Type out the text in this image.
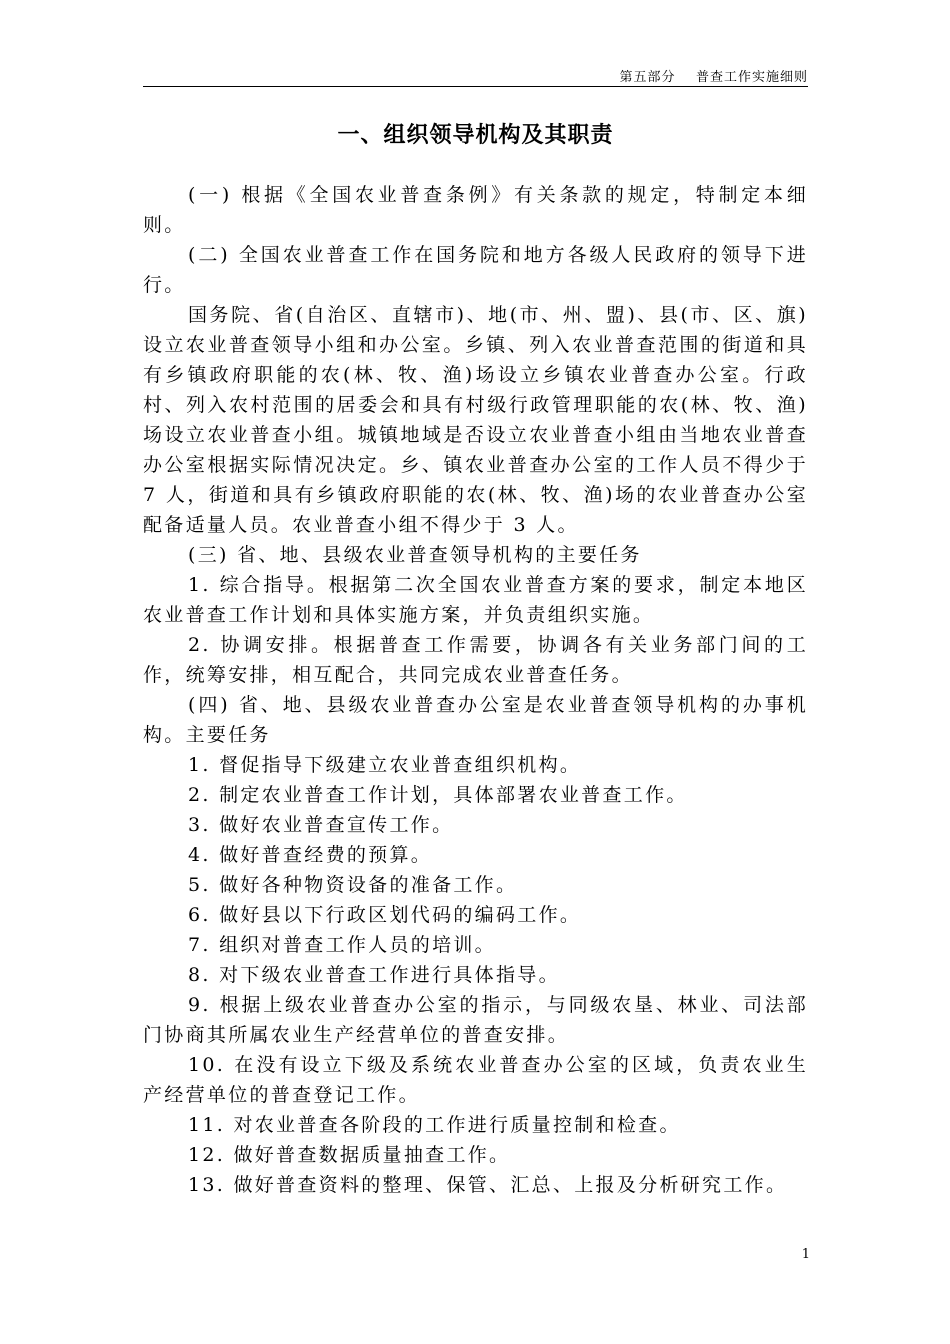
第五部分    普查工作实施细则
一、组织领导机构及其职责

(一) 根据《全国农业普查条例》有关条款的规定，特制定本细则。

(二) 全国农业普查工作在国务院和地方各级人民政府的领导下进行。

国务院、省(自治区、直辖市)、地(市、州、盟)、县(市、区、旗)设立农业普查领导小组和办公室。乡镇、列入农业普查范围的街道和具有乡镇政府职能的农(林、牧、渔)场设立乡镇农业普查办公室。行政村、列入农村范围的居委会和具有村级行政管理职能的农(林、牧、渔)场设立农业普查小组。城镇地域是否设立农业普查小组由当地农业普查办公室根据实际情况决定。乡、镇农业普查办公室的工作人员不得少于 7 人，街道和具有乡镇政府职能的农(林、牧、渔)场的农业普查办公室配备适量人员。农业普查小组不得少于 3 人。

(三) 省、地、县级农业普查领导机构的主要任务

1. 综合指导。根据第二次全国农业普查方案的要求，制定本地区农业普查工作计划和具体实施方案，并负责组织实施。

2. 协调安排。根据普查工作需要，协调各有关业务部门间的工作，统筹安排，相互配合，共同完成农业普查任务。

(四) 省、地、县级农业普查办公室是农业普查领导机构的办事机构。主要任务

1. 督促指导下级建立农业普查组织机构。

2. 制定农业普查工作计划，具体部署农业普查工作。

3. 做好农业普查宣传工作。

4. 做好普查经费的预算。

5. 做好各种物资设备的准备工作。

6. 做好县以下行政区划代码的编码工作。

7. 组织对普查工作人员的培训。

8. 对下级农业普查工作进行具体指导。

9. 根据上级农业普查办公室的指示，与同级农垦、林业、司法部门协商其所属农业生产经营单位的普查安排。

10. 在没有设立下级及系统农业普查办公室的区域，负责农业生产经营单位的普查登记工作。

11. 对农业普查各阶段的工作进行质量控制和检查。

12. 做好普查数据质量抽查工作。

13. 做好普查资料的整理、保管、汇总、上报及分析研究工作。

1
